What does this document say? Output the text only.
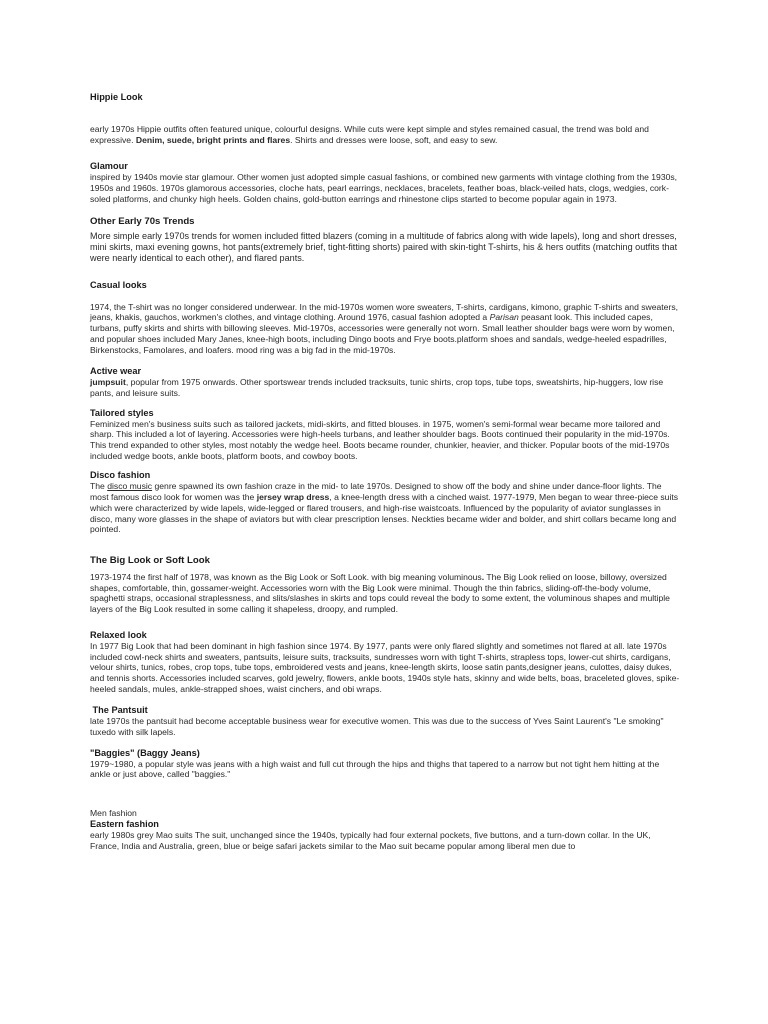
Hippie Look
early 1970s Hippie outfits often featured unique, colourful designs. While cuts were kept simple and styles remained casual, the trend was bold and expressive. Denim, suede, bright prints and flares. Shirts and dresses were loose, soft, and easy to sew.
Glamour
inspired by 1940s movie star glamour. Other women just adopted simple casual fashions, or combined new garments with vintage clothing from the 1930s, 1950s and 1960s. 1970s glamorous accessories, cloche hats, pearl earrings, necklaces, bracelets, feather boas, black-veiled hats, clogs, wedgies, cork-soled platforms, and chunky high heels. Golden chains, gold-button earrings and rhinestone clips started to become popular again in 1973.
Other Early 70s Trends
More simple early 1970s trends for women included fitted blazers (coming in a multitude of fabrics along with wide lapels), long and short dresses, mini skirts, maxi evening gowns, hot pants(extremely brief, tight-fitting shorts) paired with skin-tight T-shirts, his & hers outfits (matching outfits that were nearly identical to each other), and flared pants.
Casual looks
1974, the T-shirt was no longer considered underwear. In the mid-1970s women wore sweaters, T-shirts, cardigans, kimono, graphic T-shirts and sweaters, jeans, khakis, gauchos, workmen's clothes, and vintage clothing. Around 1976, casual fashion adopted a Parisan peasant look. This included capes, turbans, puffy skirts and shirts with billowing sleeves. Mid-1970s, accessories were generally not worn. Small leather shoulder bags were worn by women, and popular shoes included Mary Janes, knee-high boots, including Dingo boots and Frye boots.platform shoes and sandals, wedge-heeled espadrilles, Birkenstocks, Famolares, and loafers. mood ring was a big fad in the mid-1970s.
Active wear
jumpsuit, popular from 1975 onwards. Other sportswear trends included tracksuits, tunic shirts, crop tops, tube tops, sweatshirts, hip-huggers, low rise pants, and leisure suits.
Tailored styles
Feminized men's business suits such as tailored jackets, midi-skirts, and fitted blouses. in 1975, women's semi-formal wear became more tailored and sharp. This included a lot of layering. Accessories were high-heels turbans, and leather shoulder bags. Boots continued their popularity in the mid-1970s. This trend expanded to other styles, most notably the wedge heel. Boots became rounder, chunkier, heavier, and thicker. Popular boots of the mid-1970s included wedge boots, ankle boots, platform boots, and cowboy boots.
Disco fashion
The disco music genre spawned its own fashion craze in the mid- to late 1970s. Designed to show off the body and shine under dance-floor lights. The most famous disco look for women was the jersey wrap dress, a knee-length dress with a cinched waist. 1977-1979, Men began to wear three-piece suits which were characterized by wide lapels, wide-legged or flared trousers, and high-rise waistcoats. Influenced by the popularity of aviator sunglasses in disco, many wore glasses in the shape of aviators but with clear prescription lenses. Neckties became wider and bolder, and shirt collars became long and pointed.
The Big Look or Soft Look
1973-1974 the first half of 1978, was known as the Big Look or Soft Look. with big meaning voluminous. The Big Look relied on loose, billowy, oversized shapes, comfortable, thin, gossamer-weight. Accessories worn with the Big Look were minimal. Though the thin fabrics, sliding-off-the-body volume, spaghetti straps, occasional straplessness, and slits/slashes in skirts and tops could reveal the body to some extent, the voluminous shapes and multiple layers of the Big Look resulted in some calling it shapeless, droopy, and rumpled.
Relaxed look
In 1977 Big Look that had been dominant in high fashion since 1974. By 1977, pants were only flared slightly and sometimes not flared at all. late 1970s included cowl-neck shirts and sweaters, pantsuits, leisure suits, tracksuits, sundresses worn with tight T-shirts, strapless tops, lower-cut shirts, cardigans, velour shirts, tunics, robes, crop tops, tube tops, embroidered vests and jeans, knee-length skirts, loose satin pants,designer jeans, culottes, daisy dukes, and tennis shorts. Accessories included scarves, gold jewelry, flowers, ankle boots, 1940s style hats, skinny and wide belts, boas, braceleted gloves, spike-heeled sandals, mules, ankle-strapped shoes, waist cinchers, and obi wraps.
The Pantsuit
late 1970s the pantsuit had become acceptable business wear for executive women. This was due to the success of Yves Saint Laurent's "Le smoking" tuxedo with silk lapels.
"Baggies" (Baggy Jeans)
1979~1980, a popular style was jeans with a high waist and full cut through the hips and thighs that tapered to a narrow but not tight hem hitting at the ankle or just above, called "baggies."
Men fashion
Eastern fashion
early 1980s grey Mao suits The suit, unchanged since the 1940s, typically had four external pockets, five buttons, and a turn-down collar. In the UK, France, India and Australia, green, blue or beige safari jackets similar to the Mao suit became popular among liberal men due to
